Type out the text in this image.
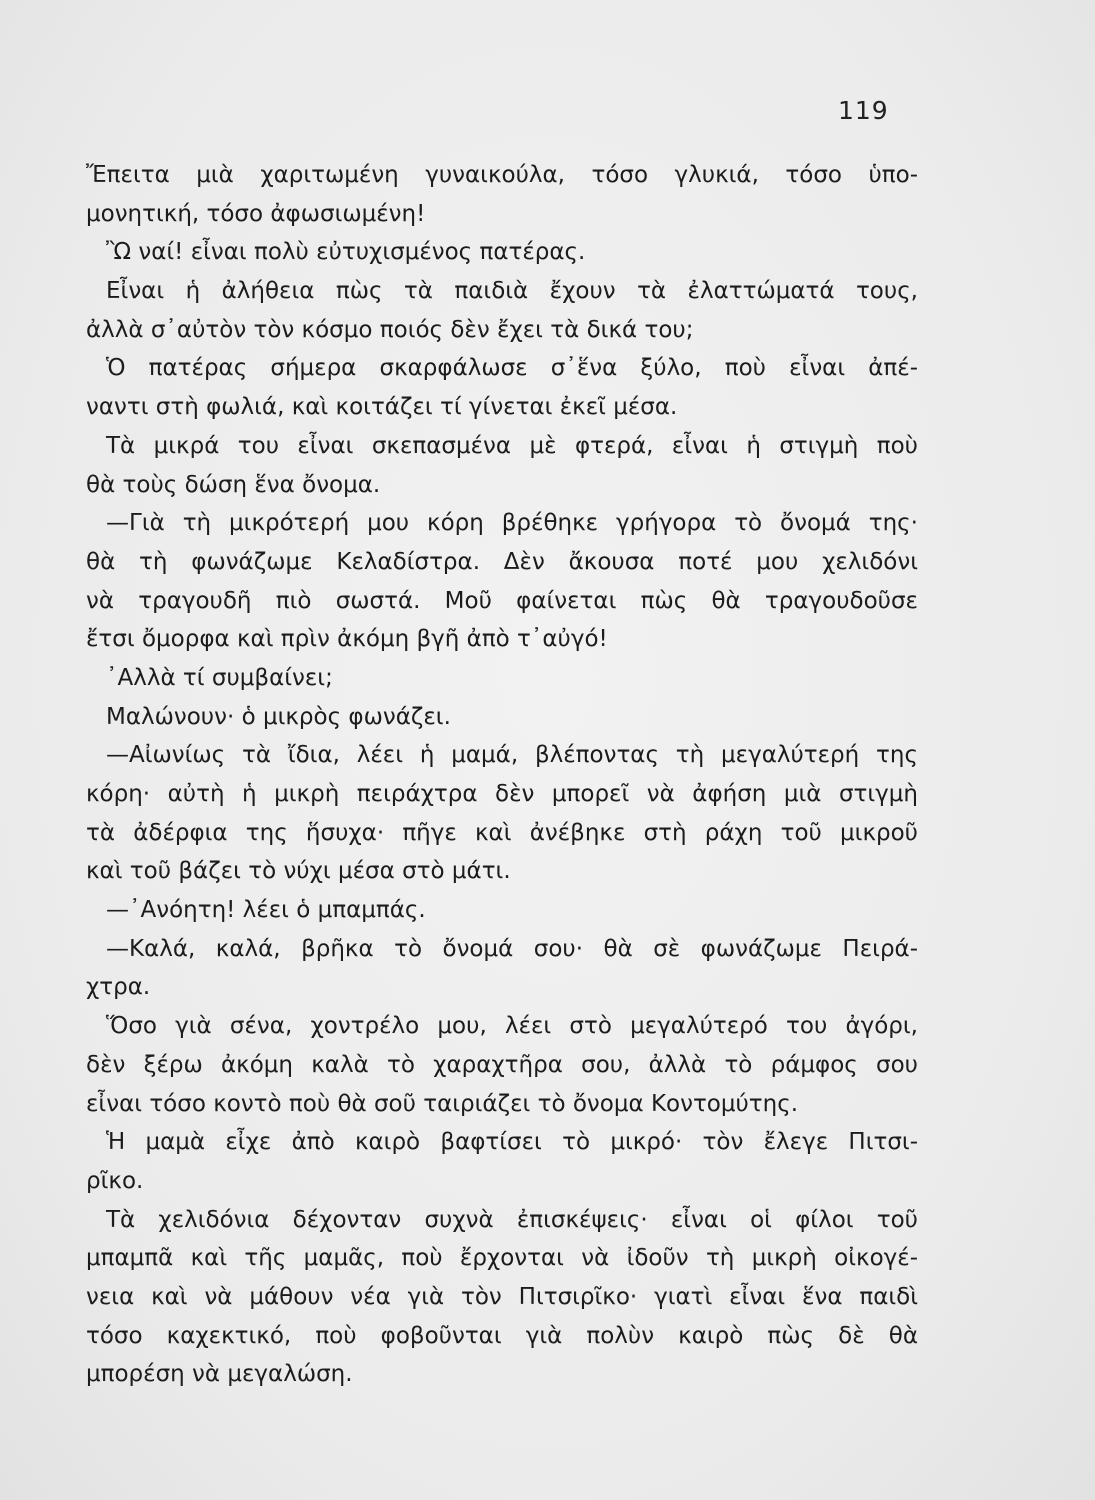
119
Ἔπειτα μιὰ χαριτωμένη γυναικούλα, τόσο γλυκιά, τόσο ὑπο-
μονητική, τόσο ἀφωσιωμένη!
Ὢ ναί! εἶναι πολὺ εὐτυχισμένος πατέρας.
Εἶναι ἡ ἀλήθεια πὼς τὰ παιδιὰ ἔχουν τὰ ἐλαττώματά τους,
ἀλλὰ σ᾽αὐτὸν τὸν κόσμο ποιός δὲν ἔχει τὰ δικά του;
Ὁ πατέρας σήμερα σκαρφάλωσε σ᾽ἕνα ξύλο, ποὺ εἶναι ἀπέ-
ναντι στὴ φωλιά, καὶ κοιτάζει τί γίνεται ἐκεῖ μέσα.
Τὰ μικρά του εἶναι σκεπασμένα μὲ φτερά, εἶναι ἡ στιγμὴ ποὺ
θὰ τοὺς δώση ἕνα ὄνομα.
—Γιὰ τὴ μικρότερή μου κόρη βρέθηκε γρήγορα τὸ ὄνομά της·
θὰ τὴ φωνάζωμε Κελαδίστρα. Δὲν ἄκουσα ποτέ μου χελιδόνι
νὰ τραγουδῆ πιὸ σωστά. Μοῦ φαίνεται πὼς θὰ τραγουδοῦσε
ἔτσι ὄμορφα καὶ πρὶν ἀκόμη βγῆ ἀπὸ τ᾽αὐγό!
᾽Αλλὰ τί συμβαίνει;
Μαλώνουν· ὁ μικρὸς φωνάζει.
—Αἰωνίως τὰ ἴδια, λέει ἡ μαμά, βλέποντας τὴ μεγαλύτερή της
κόρη· αὐτὴ ἡ μικρὴ πειράχτρα δὲν μπορεῖ νὰ ἀφήση μιὰ στιγμὴ
τὰ ἀδέρφια της ἥσυχα· πῆγε καὶ ἀνέβηκε στὴ ράχη τοῦ μικροῦ
καὶ τοῦ βάζει τὸ νύχι μέσα στὸ μάτι.
—᾽Ανόητη! λέει ὁ μπαμπάς.
—Καλά, καλά, βρῆκα τὸ ὄνομά σου· θὰ σὲ φωνάζωμε Πειρά-
χτρα.
Ὅσο γιὰ σένα, χοντρέλο μου, λέει στὸ μεγαλύτερό του ἀγόρι,
δὲν ξέρω ἀκόμη καλὰ τὸ χαραχτῆρα σου, ἀλλὰ τὸ ράμφος σου
εἶναι τόσο κοντὸ ποὺ θὰ σοῦ ταιριάζει τὸ ὄνομα Κοντομύτης.
Ἡ μαμὰ εἶχε ἀπὸ καιρὸ βαφτίσει τὸ μικρό· τὸν ἔλεγε Πιτσι-
ρῖκο.
Τὰ χελιδόνια δέχονταν συχνὰ ἐπισκέψεις· εἶναι οἱ φίλοι τοῦ
μπαμπᾶ καὶ τῆς μαμᾶς, ποὺ ἔρχονται νὰ ἰδοῦν τὴ μικρὴ οἰκογέ-
νεια καὶ νὰ μάθουν νέα γιὰ τὸν Πιτσιρῖκο· γιατὶ εἶναι ἕνα παιδὶ
τόσο καχεκτικό, ποὺ φοβοῦνται γιὰ πολὺν καιρὸ πὼς δὲ θὰ
μπορέση νὰ μεγαλώση.
